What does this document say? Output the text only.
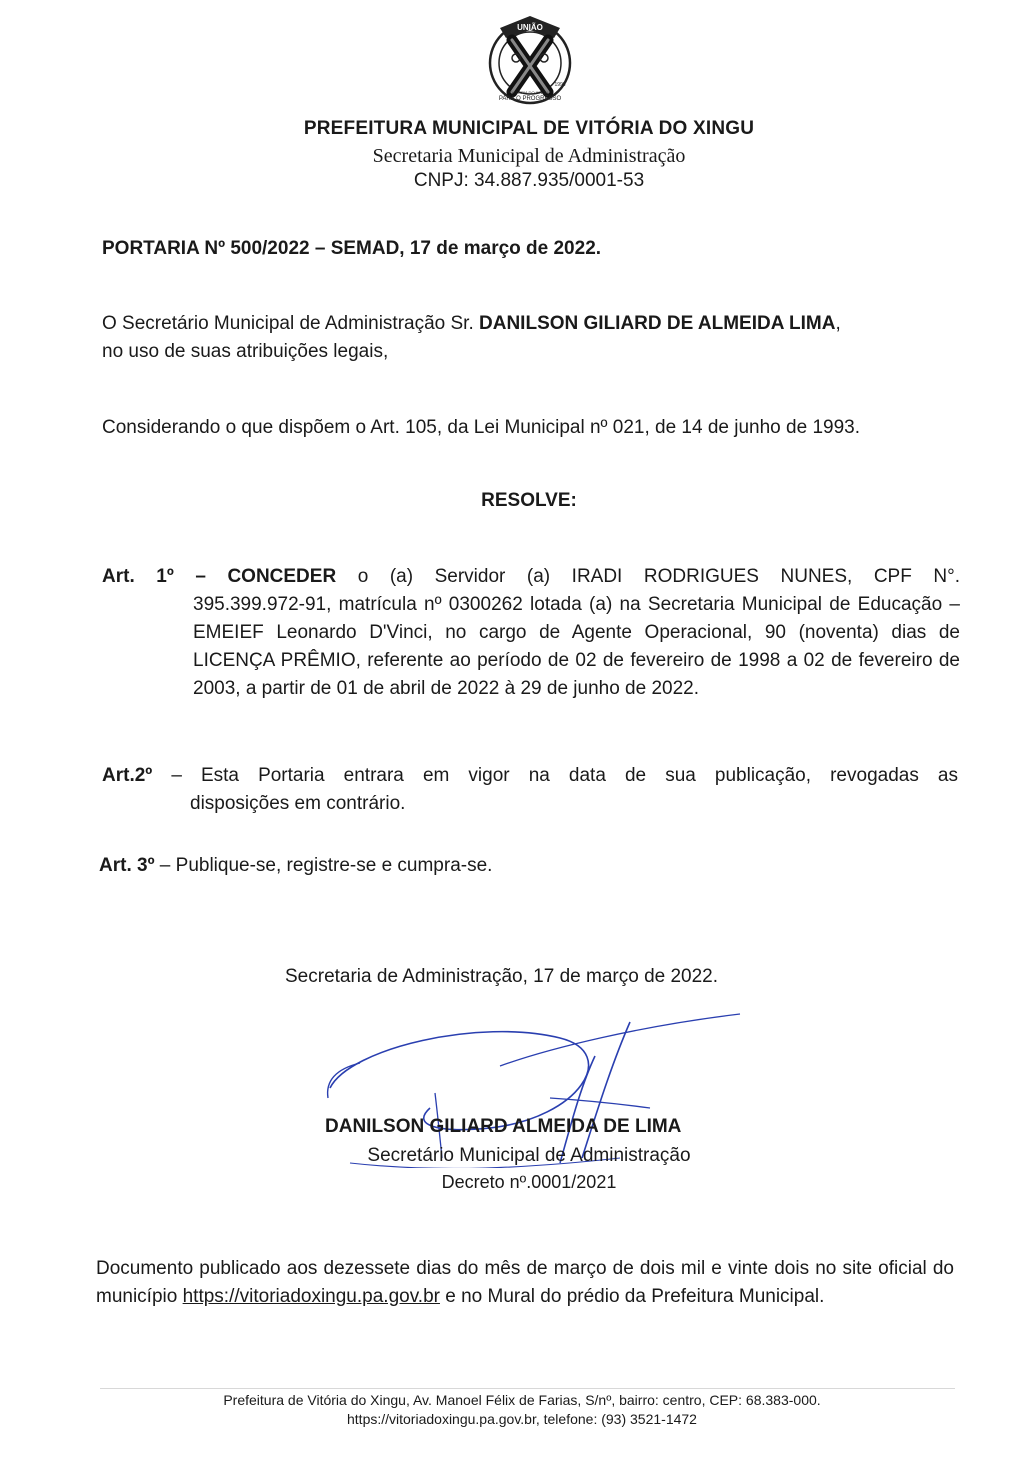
UNIÃO
PARA O PROGRESSO
1993
VITÓRIA DO XINGU
PREFEITURA MUNICIPAL DE VITÓRIA DO XINGU
Secretaria Municipal de Administração
CNPJ: 34.887.935/0001-53
PORTARIA Nº 500/2022 – SEMAD, 17 de março de 2022.
O Secretário Municipal de Administração Sr. DANILSON GILIARD DE ALMEIDA LIMA,
no uso de suas atribuições legais,
Considerando o que dispõem o Art. 105, da Lei Municipal nº 021, de 14 de junho de 1993.
RESOLVE:
Art. 1º – CONCEDER o (a) Servidor (a) IRADI RODRIGUES NUNES, CPF N°.
395.399.972-91, matrícula nº 0300262 lotada (a) na Secretaria Municipal de Educação – EMEIEF Leonardo D'Vinci, no cargo de Agente Operacional, 90 (noventa) dias de LICENÇA PRÊMIO, referente ao período de 02 de fevereiro de 1998 a 02 de fevereiro de 2003, a partir de 01 de abril de 2022 à 29 de junho de 2022.
Art.2º – Esta Portaria entrara em vigor na data de sua publicação, revogadas as
disposições em contrário.
Art. 3º – Publique-se, registre-se e cumpra-se.
Secretaria de Administração, 17 de março de 2022.
DANILSON GILIARD ALMEIDA DE LIMA
Secretário Municipal de Administração
Decreto nº.0001/2021
Documento publicado aos dezessete dias do mês de março de dois mil e vinte dois no site oficial do município https://vitoriadoxingu.pa.gov.br e no Mural do prédio da Prefeitura Municipal.
Prefeitura de Vitória do Xingu, Av. Manoel Félix de Farias, S/nº, bairro: centro, CEP: 68.383-000.
https://vitoriadoxingu.pa.gov.br, telefone: (93) 3521-1472
